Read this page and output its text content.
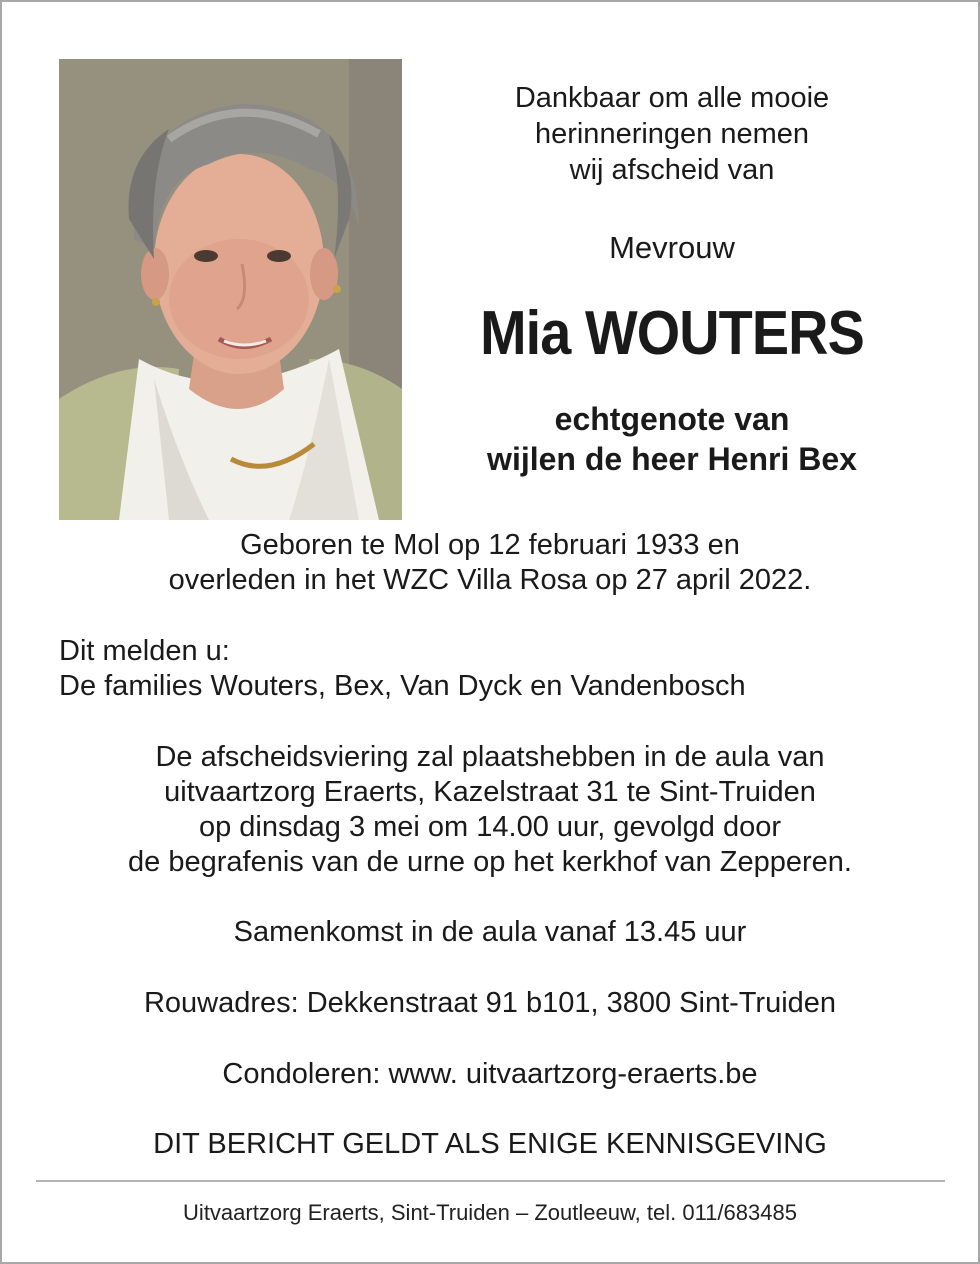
Dankbaar om alle mooie
herinneringen nemen
wij afscheid van
Mevrouw
Mia WOUTERS
echtgenote van
wijlen de heer Henri Bex
Geboren te Mol op 12 februari 1933 en
overleden in het WZC Villa Rosa op 27 april 2022.
Dit melden u:
De families Wouters, Bex, Van Dyck en Vandenbosch
De afscheidsviering zal plaatshebben in de aula van
uitvaartzorg Eraerts, Kazelstraat 31 te Sint-Truiden
op dinsdag 3 mei om 14.00 uur, gevolgd door
de begrafenis van de urne op het kerkhof van Zepperen.
Samenkomst in de aula vanaf 13.45 uur
Rouwadres: Dekkenstraat 91 b101, 3800 Sint-Truiden
Condoleren: www. uitvaartzorg-eraerts.be
DIT BERICHT GELDT ALS ENIGE KENNISGEVING
Uitvaartzorg Eraerts, Sint-Truiden – Zoutleeuw, tel. 011/683485
